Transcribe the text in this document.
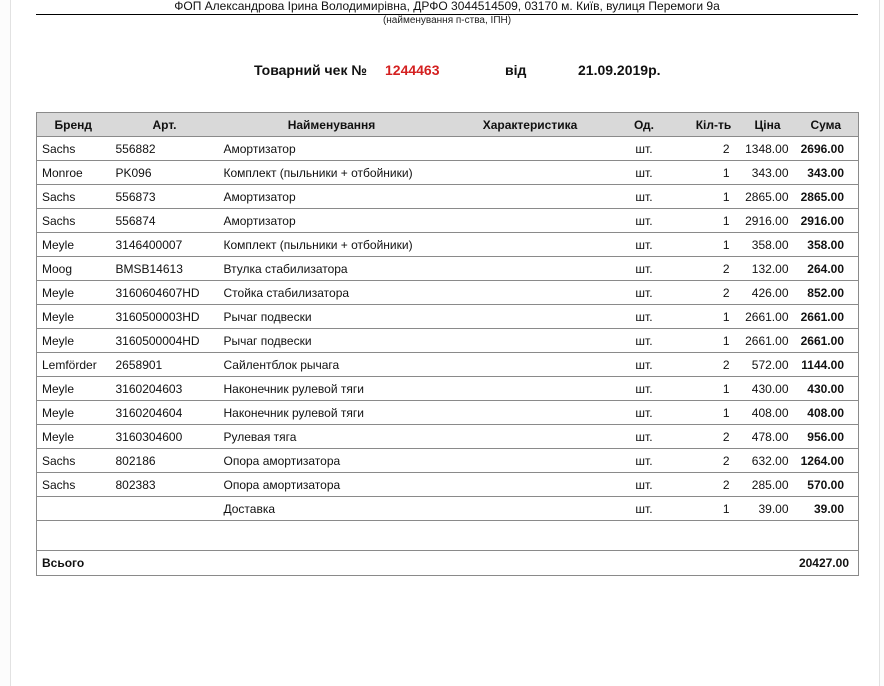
ФОП Александрова Ірина Володимирівна, ДРФО 3044514509, 03170 м. Київ, вулиця Перемоги 9а
(найменування п-ства, ІПН)
Товарний чек № 1244463	від	21.09.2019р.
Бренд	Арт.	Найменування	Характеристика	Од.	Кіл-ть	Ціна	Сума
Sachs	556882	Амортизатор		шт.	2	1348.00	2696.00
Monroe	PK096	Комплект (пыльники + отбойники)		шт.	1	343.00	343.00
Sachs	556873	Амортизатор		шт.	1	2865.00	2865.00
Sachs	556874	Амортизатор		шт.	1	2916.00	2916.00
Meyle	3146400007	Комплект (пыльники + отбойники)		шт.	1	358.00	358.00
Moog	BMSB14613	Втулка стабилизатора		шт.	2	132.00	264.00
Meyle	3160604607HD	Стойка стабилизатора		шт.	2	426.00	852.00
Meyle	3160500003HD	Рычаг подвески		шт.	1	2661.00	2661.00
Meyle	3160500004HD	Рычаг подвески		шт.	1	2661.00	2661.00
Lemförder	2658901	Сайлентблок рычага		шт.	2	572.00	1144.00
Meyle	3160204603	Наконечник рулевой тяги		шт.	1	430.00	430.00
Meyle	3160204604	Наконечник рулевой тяги		шт.	1	408.00	408.00
Meyle	3160304600	Рулевая тяга		шт.	2	478.00	956.00
Sachs	802186	Опора амортизатора		шт.	2	632.00	1264.00
Sachs	802383	Опора амортизатора		шт.	2	285.00	570.00
		Доставка		шт.	1	39.00	39.00

Всього						20427.00	
